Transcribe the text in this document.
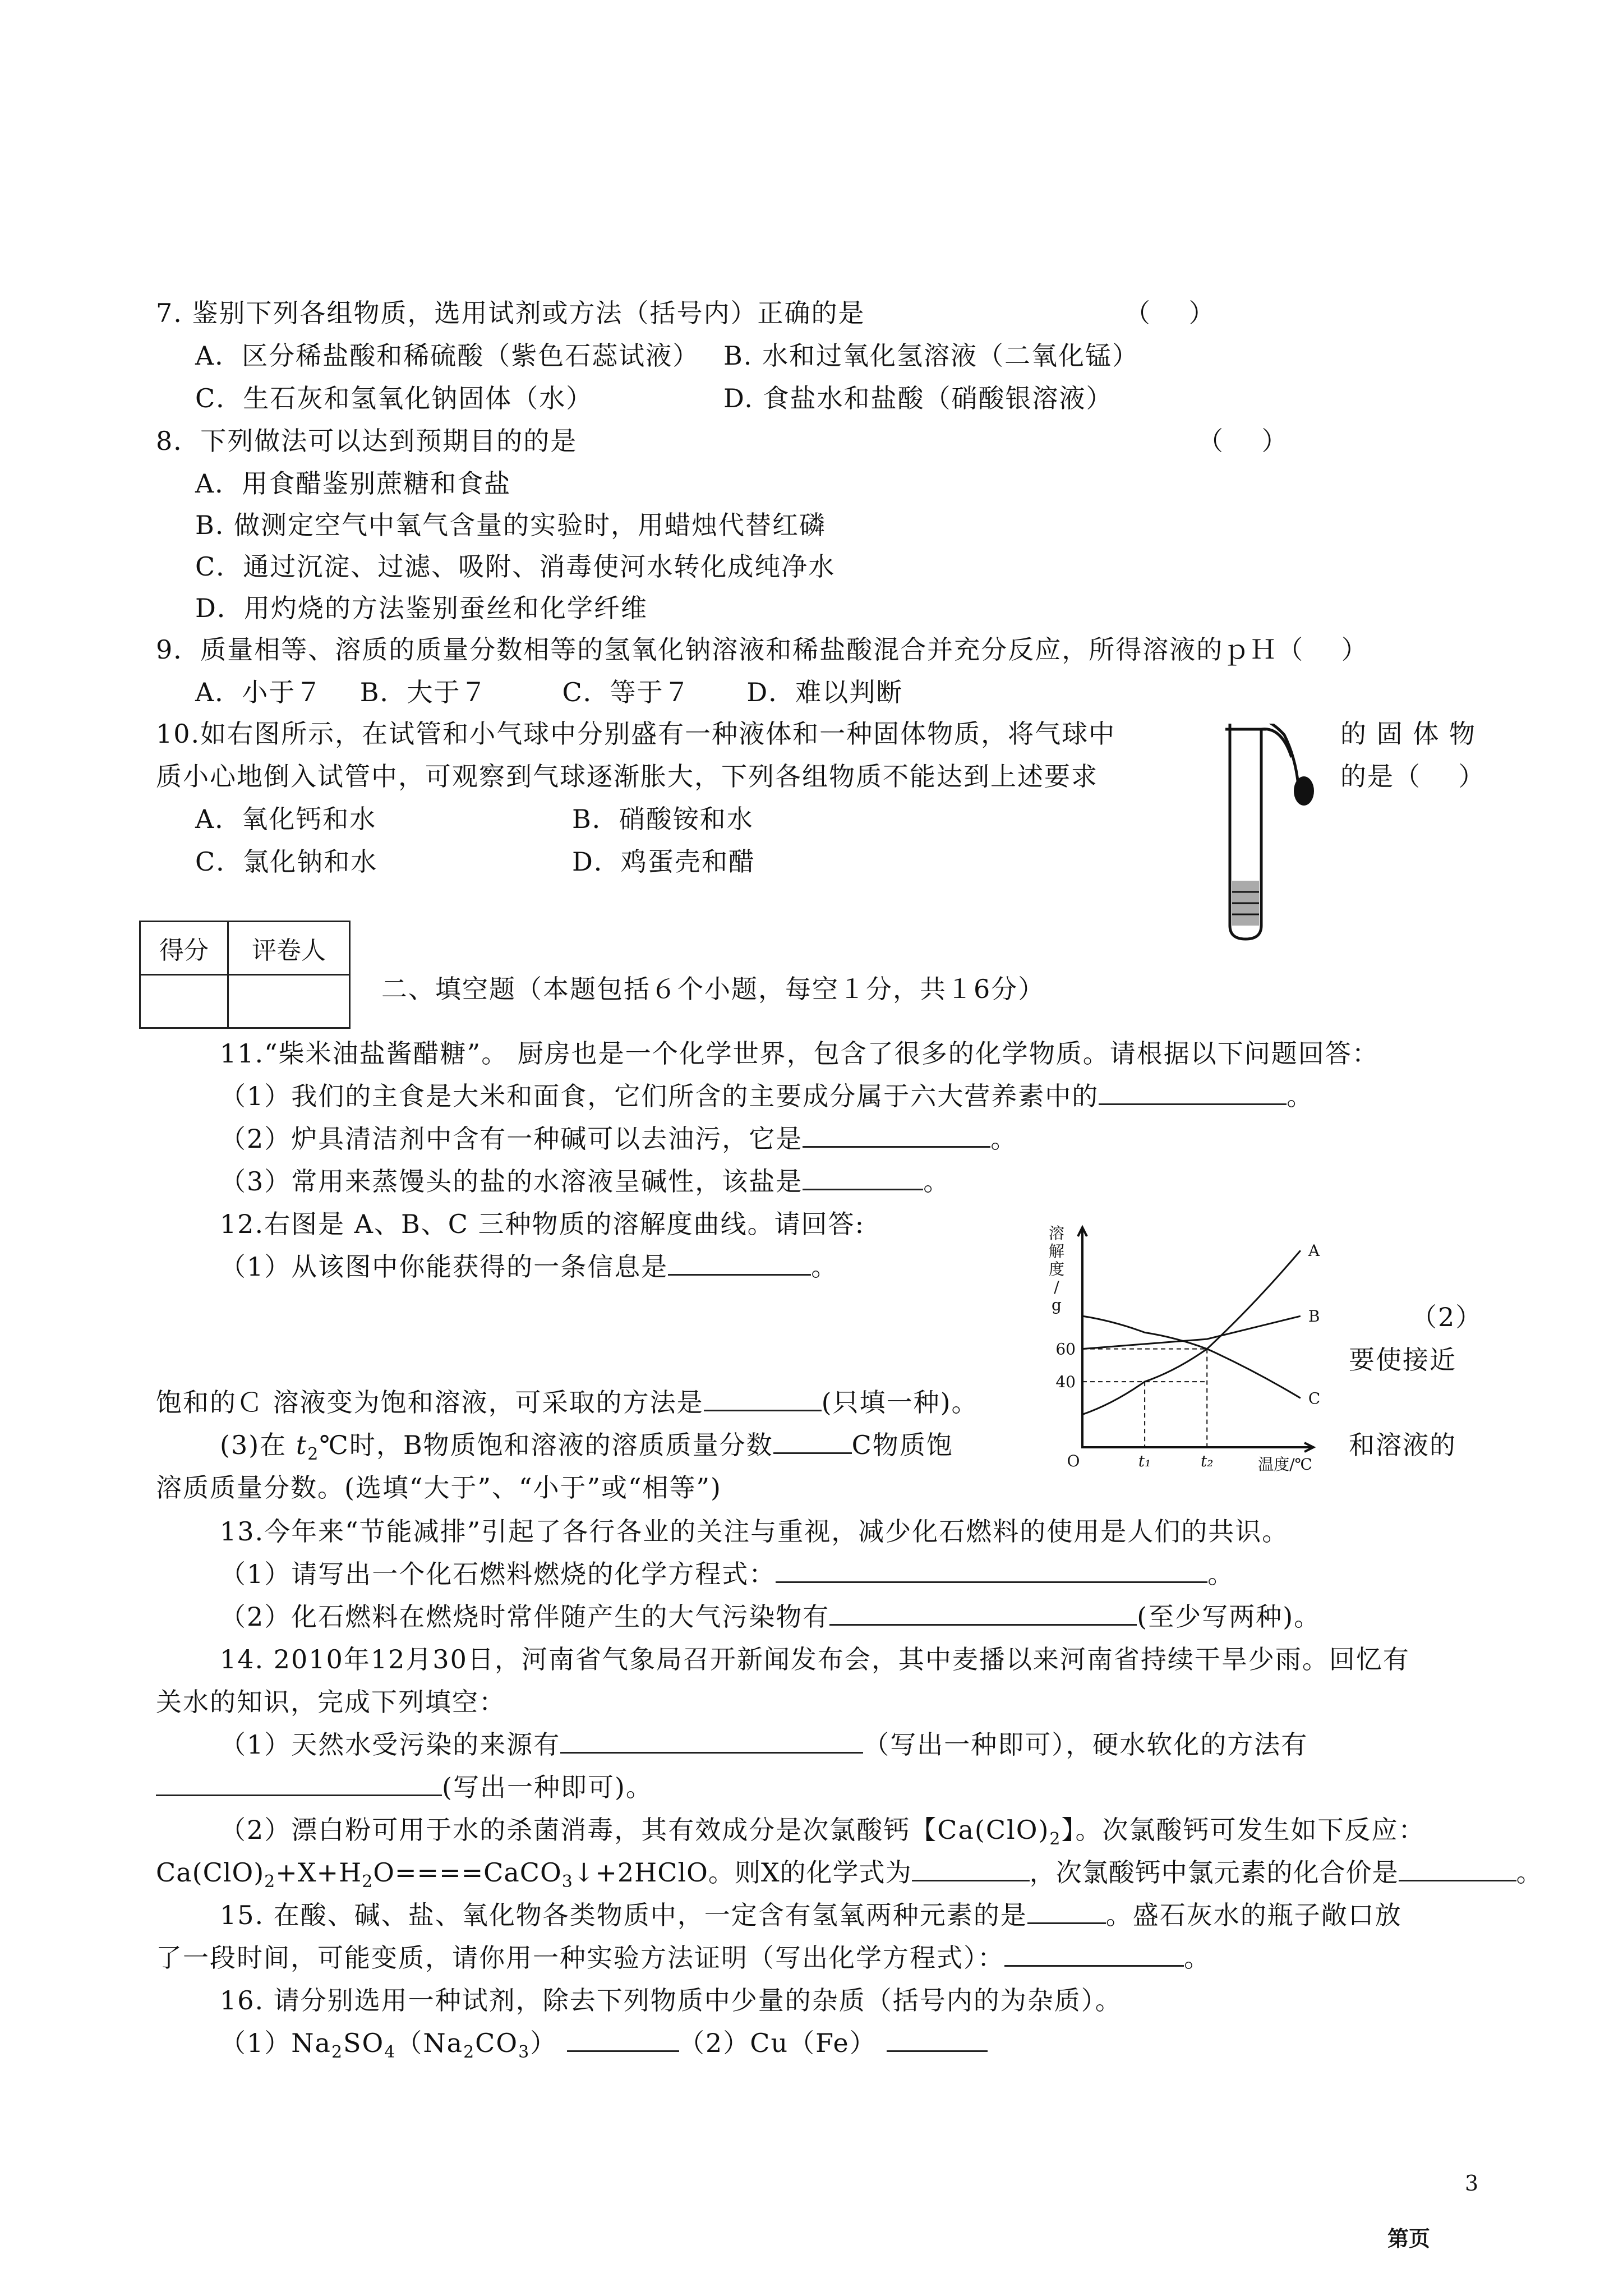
7. 鉴别下列各组物质，选用试剂或方法（括号内）正确的是	（    ）
A．区分稀盐酸和稀硫酸（紫色石蕊试液） B. 水和过氧化氢溶液（二氧化锰）
C．生石灰和氢氧化钠固体（水）	D. 食盐水和盐酸（硝酸银溶液）
8．下列做法可以达到预期目的的是	（    ）
A．用食醋鉴别蔗糖和食盐
B. 做测定空气中氧气含量的实验时，用蜡烛代替红磷
C．通过沉淀、过滤、吸附、消毒使河水转化成纯净水
D．用灼烧的方法鉴别蚕丝和化学纤维
9．质量相等、溶质的质量分数相等的氢氧化钠溶液和稀盐酸混合并充分反应，所得溶液的ｐＨ（    ）
A．小于７    B．大于７        C．等于７      D．难以判断
10.如右图所示，在试管和小气球中分别盛有一种液体和一种固体物质，将气球中	的 固 体 物
质小心地倒入试管中，可观察到气球逐渐胀大，下列各组物质不能达到上述要求	的是（    ）
A．氧化钙和水	B．硝酸铵和水
C．氯化钠和水	D．鸡蛋壳和醋
得分	评卷人

二、填空题（本题包括６个小题，每空１分，共１6分）
11.“柴米油盐酱醋糖”。 厨房也是一个化学世界，包含了很多的化学物质。请根据以下问题回答：
（1）我们的主食是大米和面食，它们所含的主要成分属于六大营养素中的	。
（2）炉具清洁剂中含有一种碱可以去油污，它是	。
（3）常用来蒸馒头的盐的水溶液呈碱性，该盐是	。
12.右图是 A、B、C 三种物质的溶解度曲线。请回答:
（1）从该图中你能获得的一条信息是	。
（2）
要使接近
饱和的Ｃ 溶液变为饱和溶液，可采取的方法是	(只填一种)。
(3)在 $t_2℃$时，B物质饱和溶液的溶质质量分数	C物质饱	和溶液的
溶质质量分数。(选填“大于”、“小于”或“相等”)
40
60
t₁	t₂
O	温度/℃
溶解度/ g
A
B
C
13.今年来“节能减排”引起了各行各业的关注与重视，减少化石燃料的使用是人们的共识。
（1）请写出一个化石燃料燃烧的化学方程式：	。
（2）化石燃料在燃烧时常伴随产生的大气污染物有	(至少写两种)。
14. 2010年12月30日，河南省气象局召开新闻发布会，其中麦播以来河南省持续干旱少雨。回忆有
关水的知识，完成下列填空：
（1）天然水受污染的来源有	（写出一种即可），硬水软化的方法有
(写出一种即可)。
（2）漂白粉可用于水的杀菌消毒，其有效成分是次氯酸钙【$Ca(ClO)_2$】。次氯酸钙可发生如下反应：
$Ca(ClO)_2+X+H_2O====CaCO_3↓+2HClO$。则X的化学式为	，次氯酸钙中氯元素的化合价是	。
15. 在酸、碱、盐、氧化物各类物质中，一定含有氢氧两种元素的是	。盛石灰水的瓶子敞口放
了一段时间，可能变质，请你用一种实验方法证明（写出化学方程式）：	。
16. 请分别选用一种试剂，除去下列物质中少量的杂质（括号内的为杂质）。
$(1)Na_2SO_4(Na_2CO_3)$	（2）Cu（Fe）
3
第页
